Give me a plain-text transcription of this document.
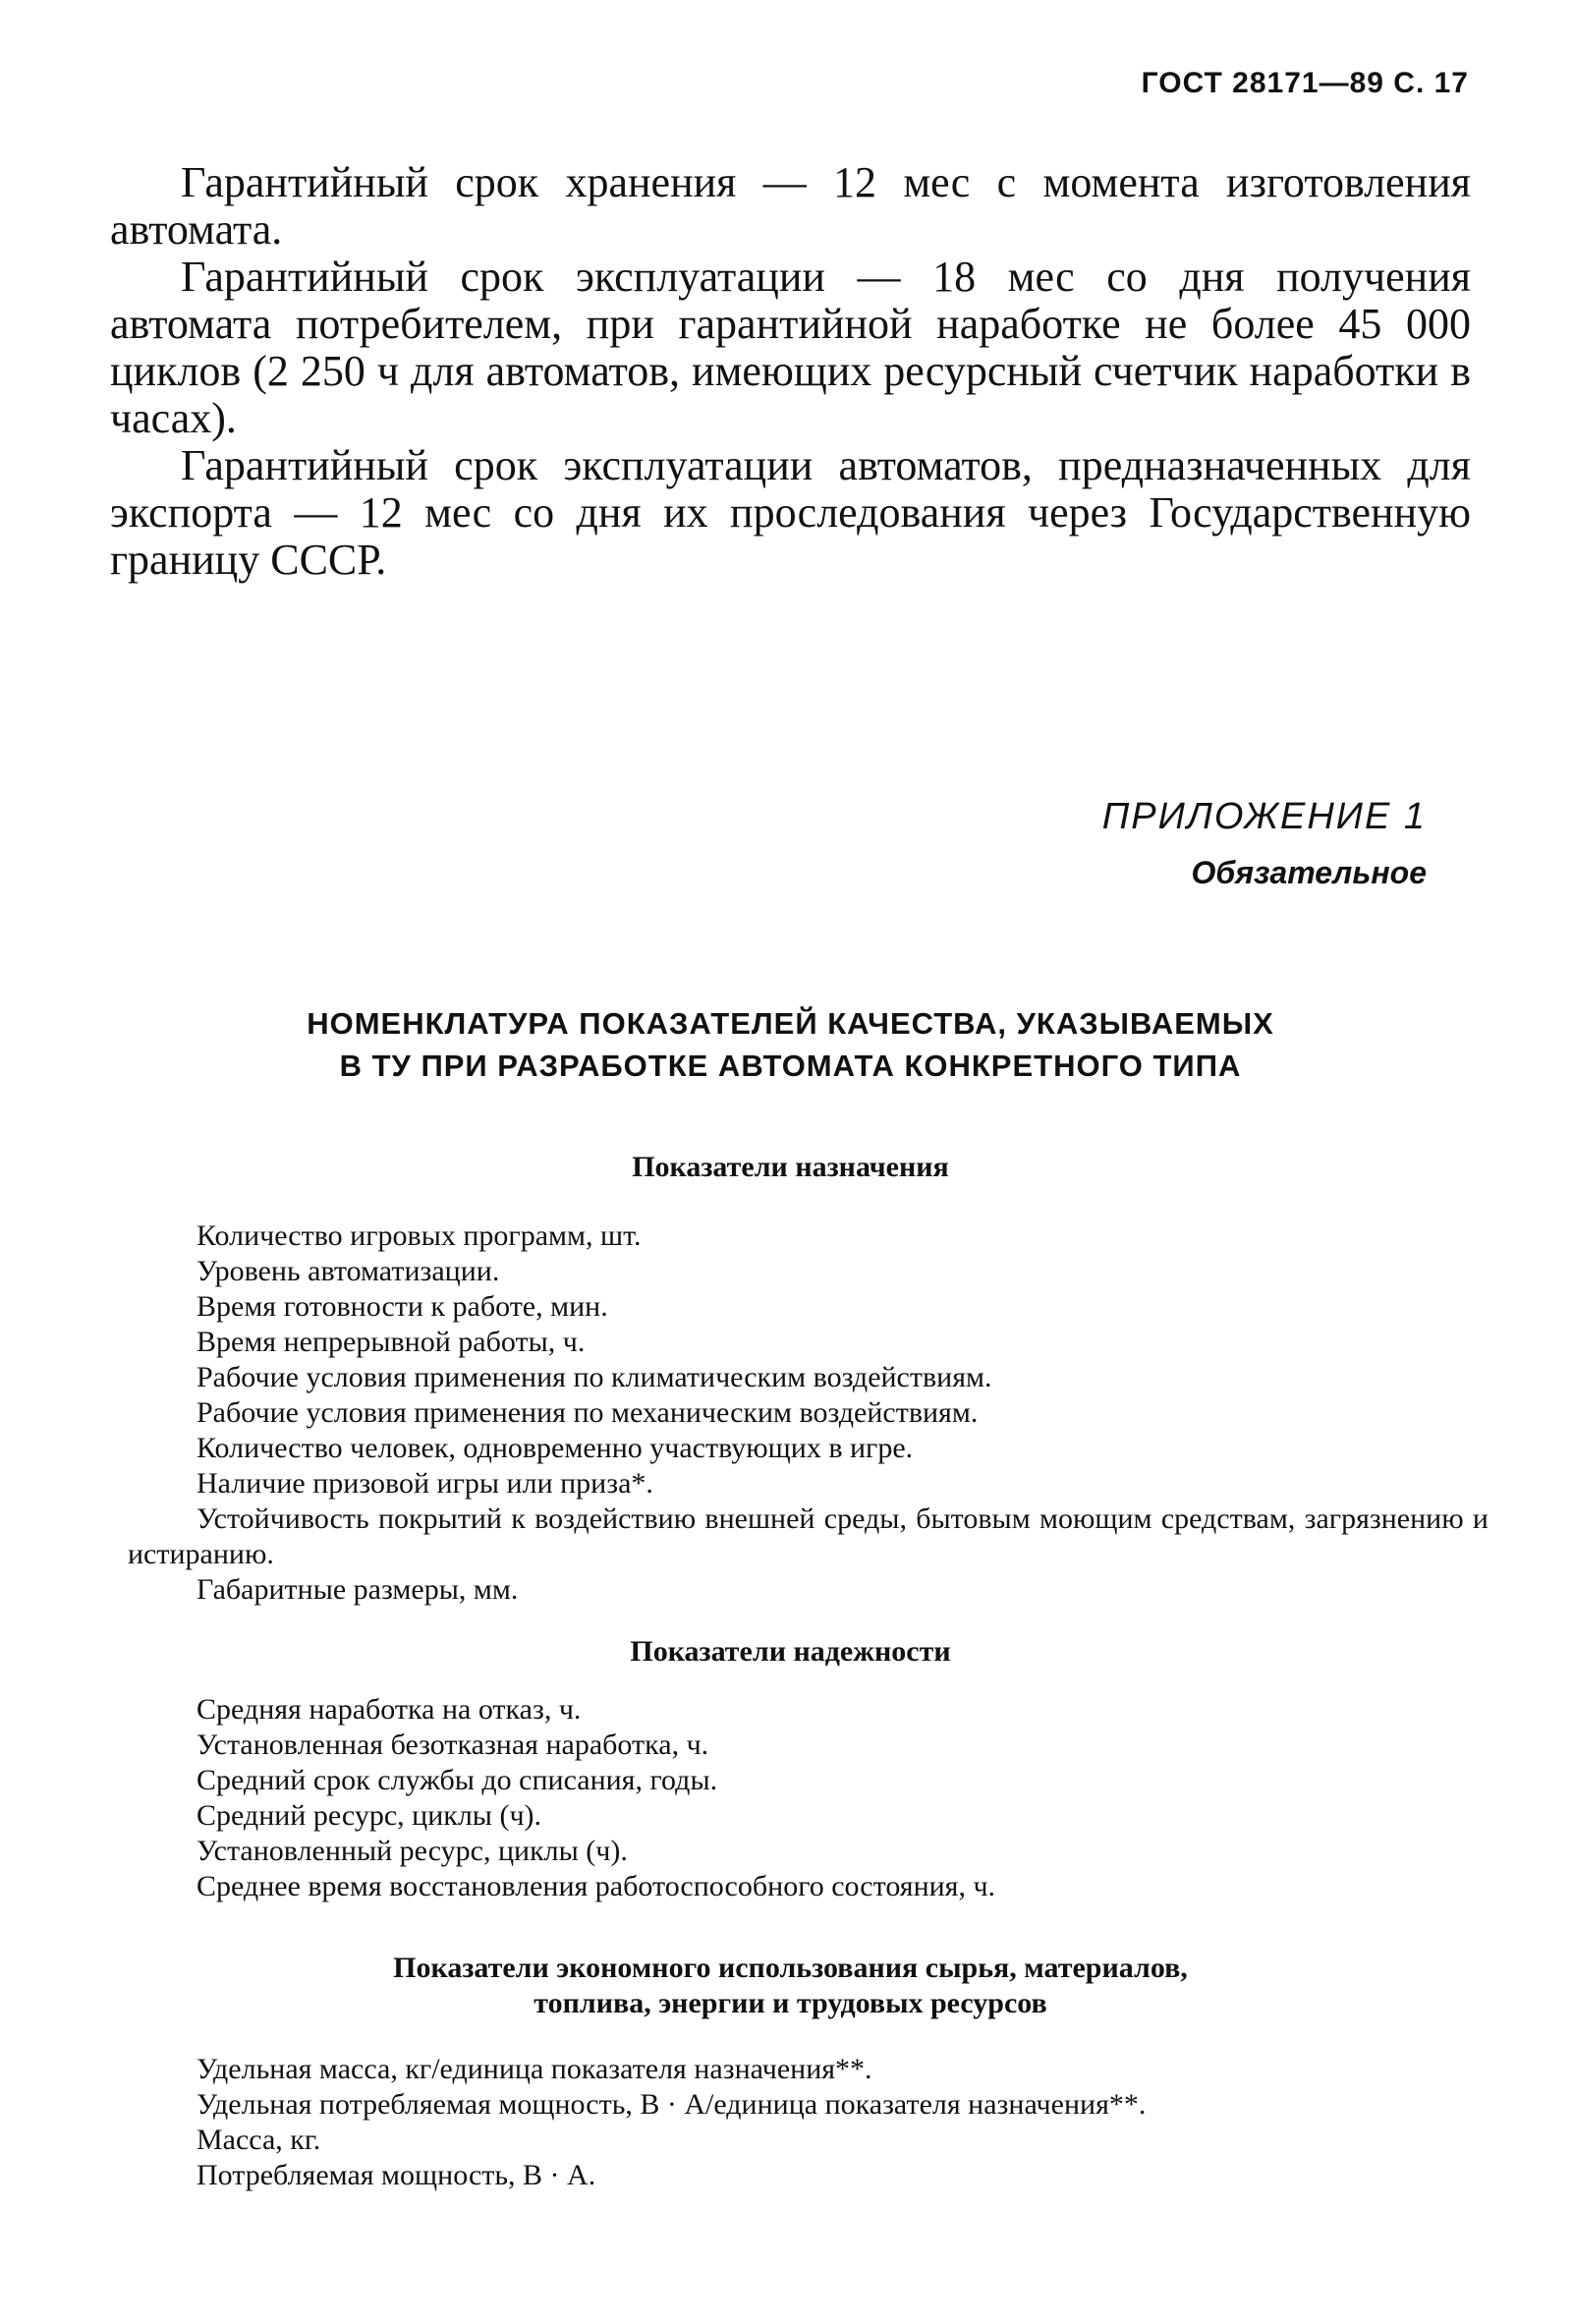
ГОСТ 28171—89 С. 17

Гарантийный срок хранения — 12 мес с момента изготовления автомата.

Гарантийный срок эксплуатации — 18 мес со дня получения автомата потребителем, при гарантийной наработке не более 45 000 циклов (2 250 ч для автоматов, имеющих ресурсный счетчик наработки в часах).

Гарантийный срок эксплуатации автоматов, предназначенных для экспорта — 12 мес со дня их проследования через Государственную границу СССР.

ПРИЛОЖЕНИЕ 1
Обязательное
НОМЕНКЛАТУРА ПОКАЗАТЕЛЕЙ КАЧЕСТВА, УКАЗЫВАЕМЫХ
В ТУ ПРИ РАЗРАБОТКЕ АВТОМАТА КОНКРЕТНОГО ТИПА
Показатели назначения
Количество игровых программ, шт.
Уровень автоматизации.
Время готовности к работе, мин.
Время непрерывной работы, ч.
Рабочие условия применения по климатическим воздействиям.
Рабочие условия применения по механическим воздействиям.
Количество человек, одновременно участвующих в игре.
Наличие призовой игры или приза*.
Устойчивость покрытий к воздействию внешней среды, бытовым моющим средствам, загрязнению и истиранию.
Габаритные размеры, мм.
Показатели надежности
Средняя наработка на отказ, ч.
Установленная безотказная наработка, ч.
Средний срок службы до списания, годы.
Средний ресурс, циклы (ч).
Установленный ресурс, циклы (ч).
Среднее время восстановления работоспособного состояния, ч.
Показатели экономного использования сырья, материалов,
топлива, энергии и трудовых ресурсов
Удельная масса, кг/единица показателя назначения**.
Удельная потребляемая мощность, В · А/единица показателя назначения**.
Масса, кг.
Потребляемая мощность, В · А.
